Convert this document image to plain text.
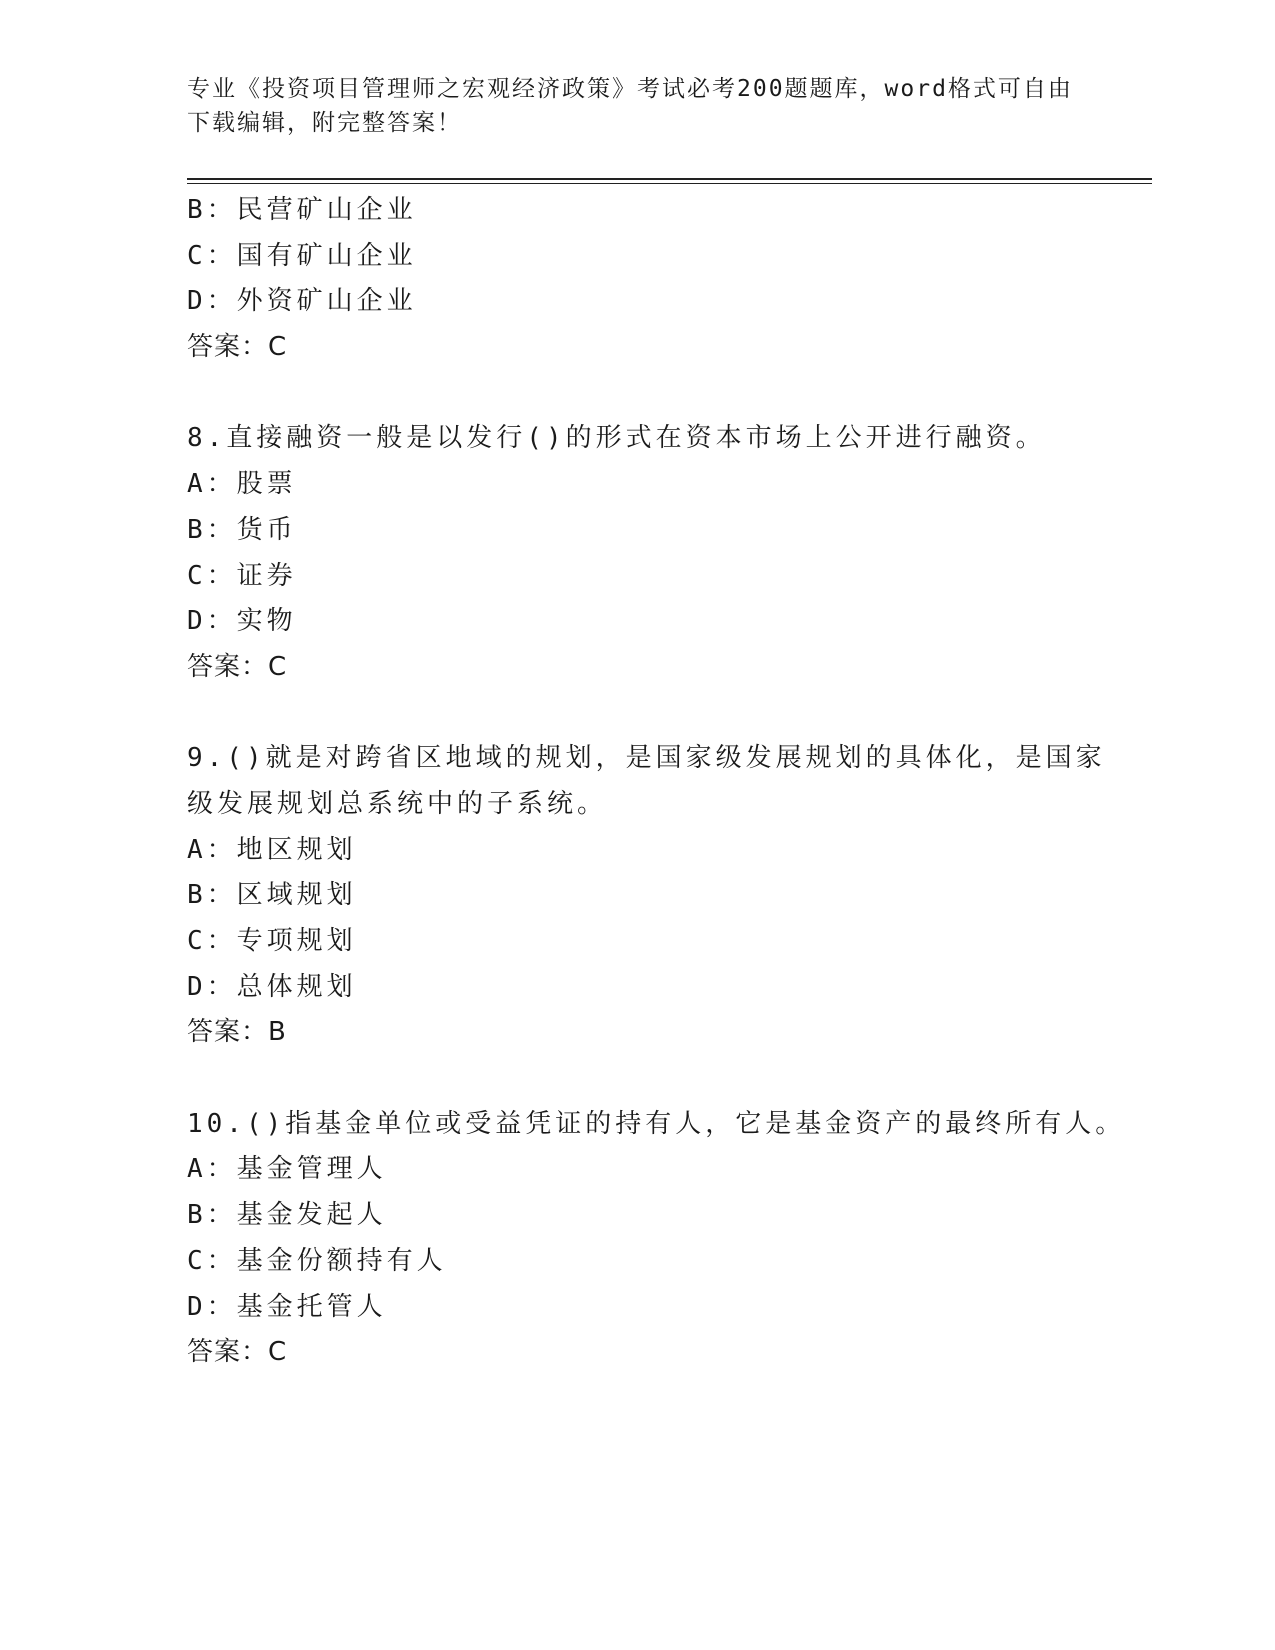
专业《投资项目管理师之宏观经济政策》考试必考200题题库，word格式可自由
下载编辑，附完整答案！
B：民营矿山企业
C：国有矿山企业
D：外资矿山企业
答案：C
8.直接融资一般是以发行()的形式在资本市场上公开进行融资。
A：股票
B：货币
C：证券
D：实物
答案：C
9.()就是对跨省区地域的规划，是国家级发展规划的具体化，是国家
级发展规划总系统中的子系统。
A：地区规划
B：区域规划
C：专项规划
D：总体规划
答案：B
10.()指基金单位或受益凭证的持有人，它是基金资产的最终所有人。
A：基金管理人
B：基金发起人
C：基金份额持有人
D：基金托管人
答案：C
